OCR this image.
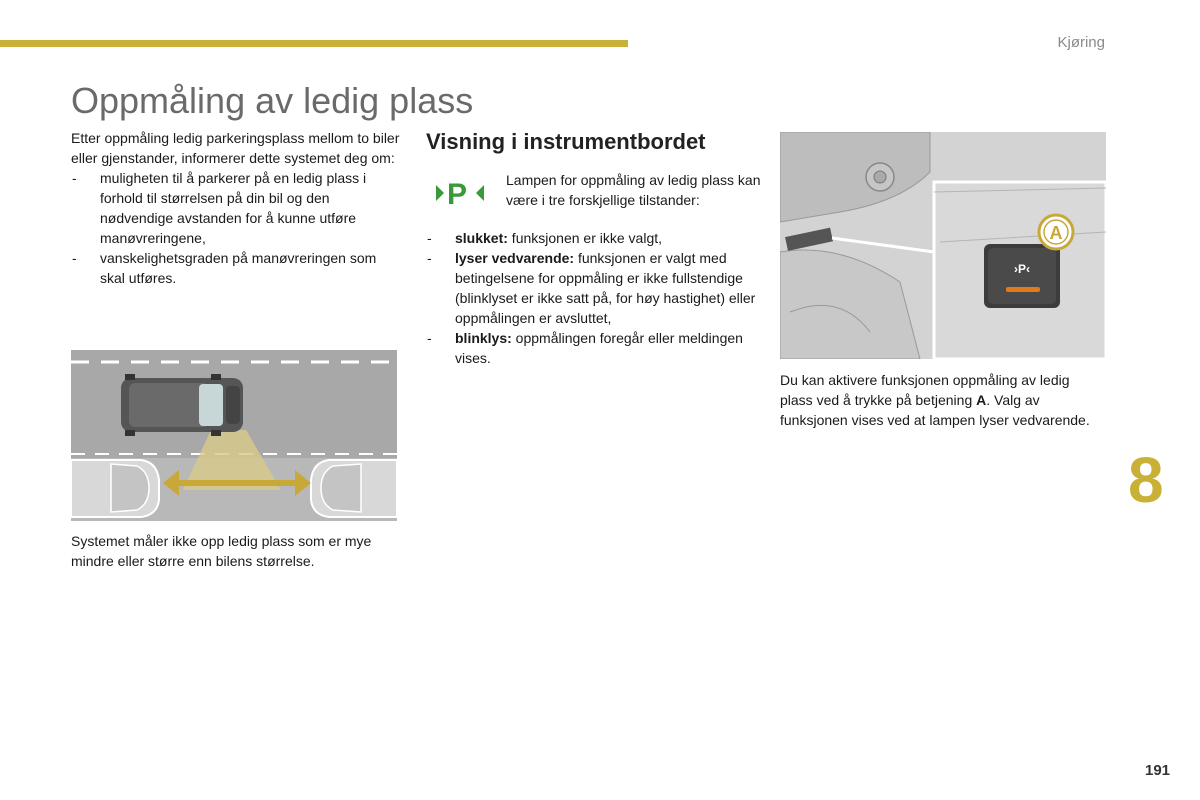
Kjøring
Oppmåling av ledig plass

Etter oppmåling ledig parkeringsplass mellom to biler eller gjenstander, informerer dette systemet deg om:

- muligheten til å parkerer på en ledig plass i forhold til størrelsen på din bil og den nødvendige avstanden for å kunne utføre manøvreringene,
- vanskelighetsgraden på manøvreringen som skal utføres.
Systemet måler ikke opp ledig plass som er mye mindre eller større enn bilens størrelse.
Visning i instrumentbordet
P	Lampen for oppmåling av ledig plass kan være i tre forskjellige tilstander:
- slukket: funksjonen er ikke valgt,
- lyser vedvarende: funksjonen er valgt med betingelsene for oppmåling er ikke fullstendige (blinklyset er ikke satt på, for høy hastighet) eller oppmålingen er avsluttet,
- blinklys: oppmålingen foregår eller meldingen vises.
›P‹
A
Du kan aktivere funksjonen oppmåling av ledig plass ved å trykke på betjening A. Valg av funksjonen vises ved at lampen lyser vedvarende.
8
191
